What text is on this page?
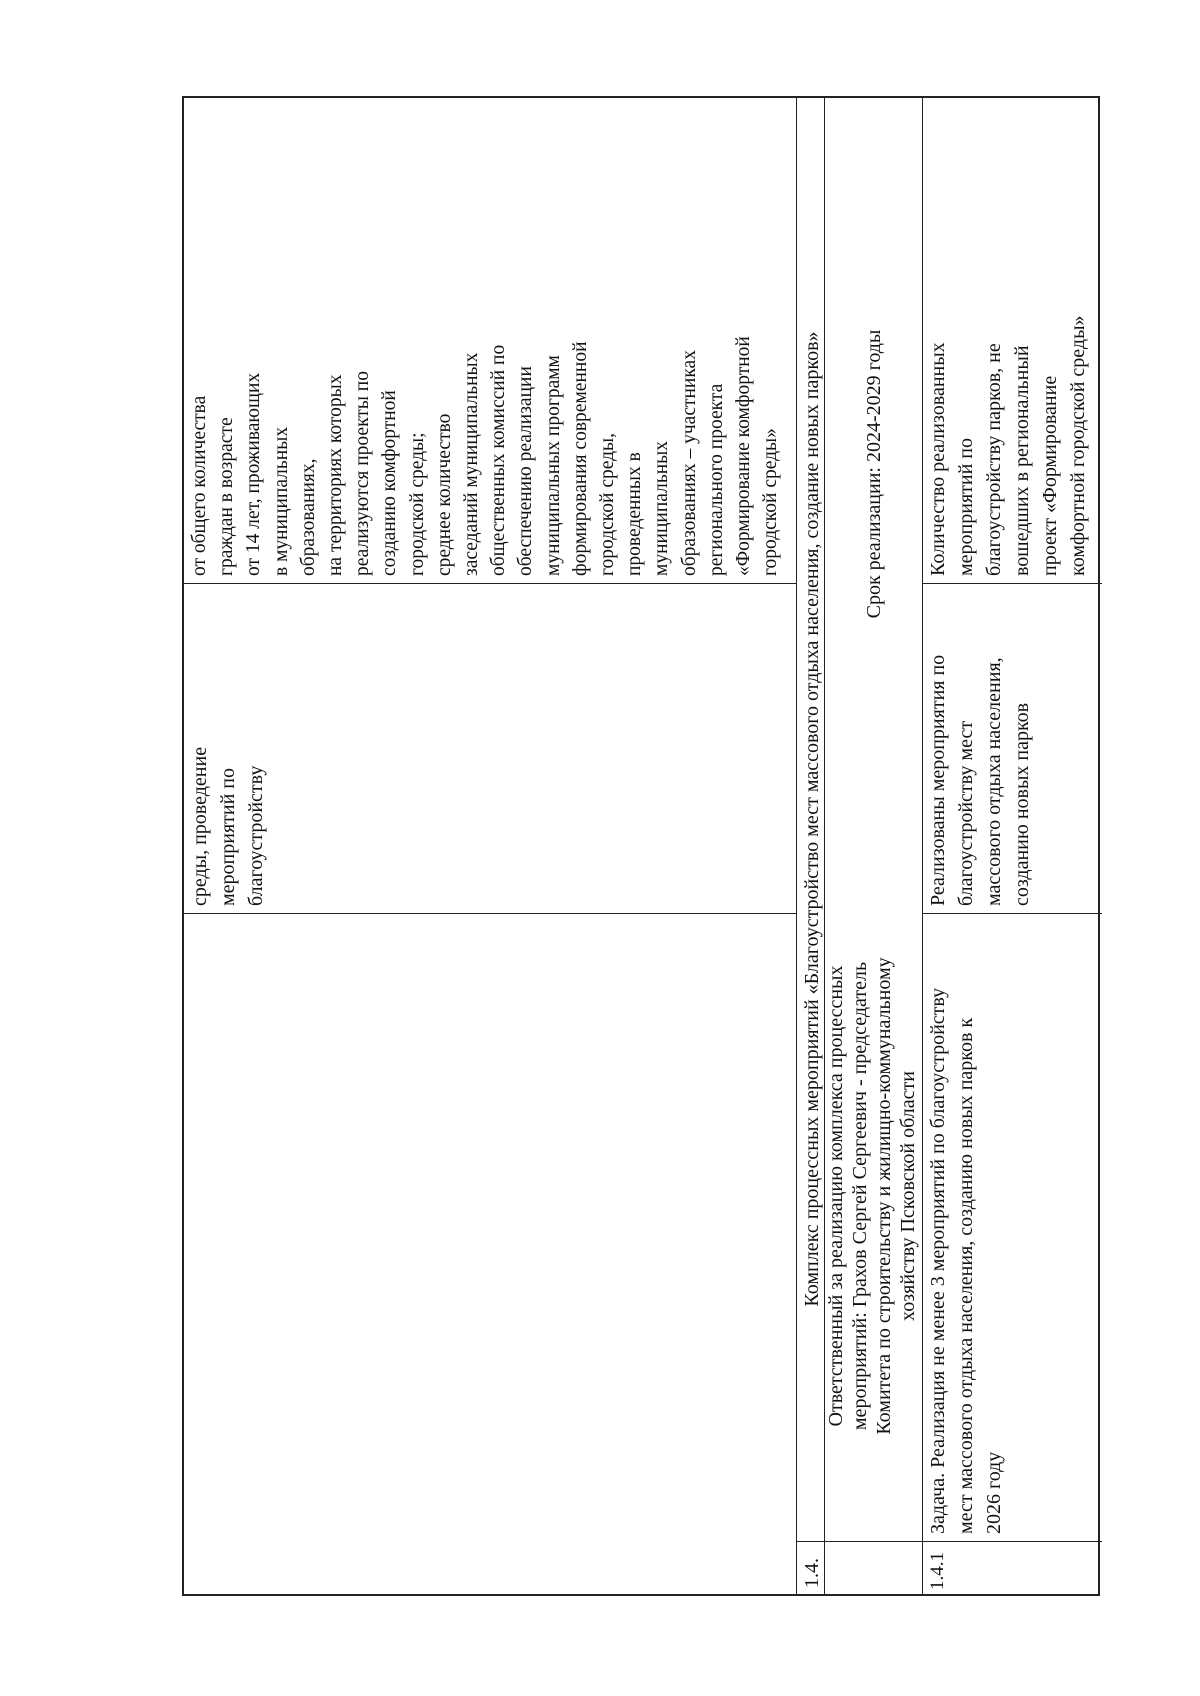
среды, проведение мероприятий по благоустройству
от общего количества граждан в возрасте от 14 лет, проживающих в муниципальных образованиях, на территориях которых реализуются проекты по созданию комфортной городской среды; среднее количество заседаний муниципальных общественных комиссий по обеспечению реализации муниципальных программ формирования современной городской среды, проведенных в муниципальных образованиях – участниках регионального проекта «Формирование комфортной городской среды»
1.4.
Комплекс процессных мероприятий «Благоустройство мест массового отдыха населения, создание новых парков» Ответственный за реализацию комплекса процессных мероприятий: Грахов Сергей Сергеевич - председатель Комитета по строительству и жилищно-коммунальному хозяйству Псковской области
Срок реализации: 2024-2029 годы
1.4.1
Задача. Реализация не менее 3 мероприятий по благоустройству мест массового отдыха населения, созданию новых парков к 2026 году
Реализованы мероприятия по благоустройству мест массового отдыха населения, созданию новых парков
Количество реализованных мероприятий по благоустройству парков, не вошедших в региональный проект «Формирование комфортной городской среды»
